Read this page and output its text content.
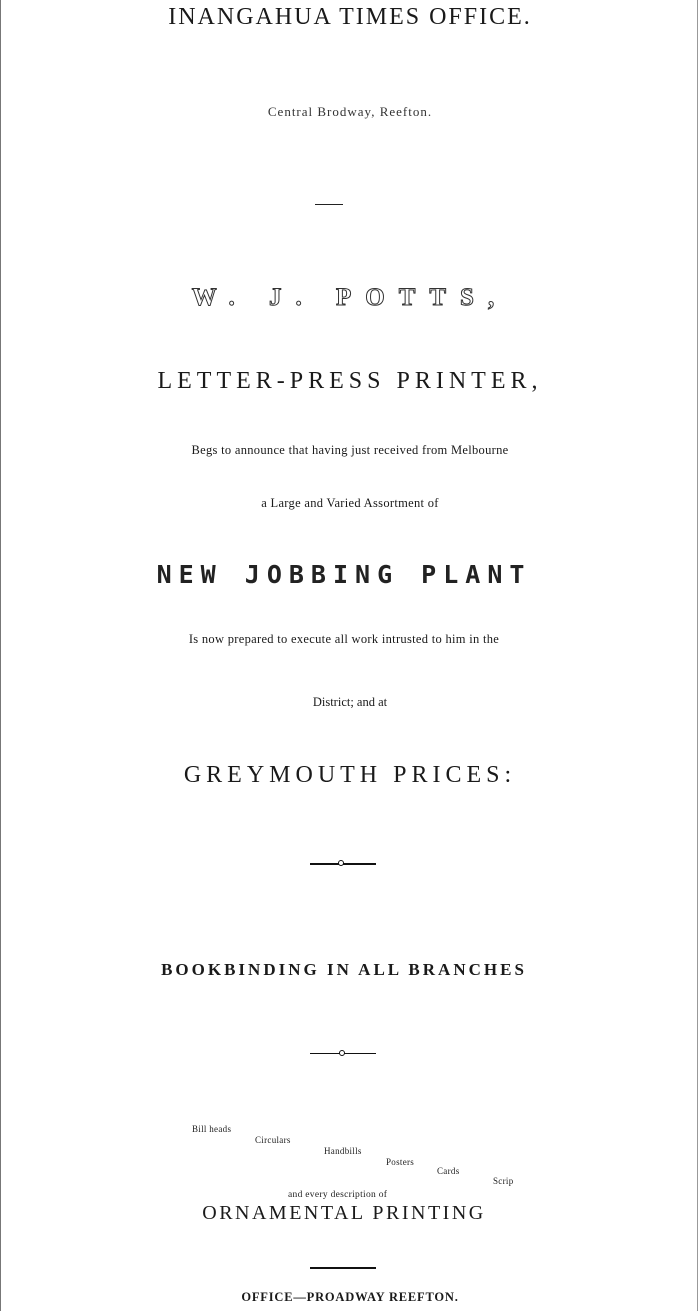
INANGAHUA TIMES OFFICE.
Central Brodway, Reefton.
W. J. POTTS,
LETTER-PRESS PRINTER,
Begs to announce that having just received from Melbourne
a Large and Varied Assortment of
NEW JOBBING PLANT
Is now prepared to execute all work intrusted to him in the
District; and at
GREYMOUTH PRICES:
BOOKBINDING IN ALL BRANCHES
Bill heads
Circulars
Handbills
Posters
Cards
Scrip
and every description of
ORNAMENTAL PRINTING
OFFICE—PROADWAY REEFTON.
